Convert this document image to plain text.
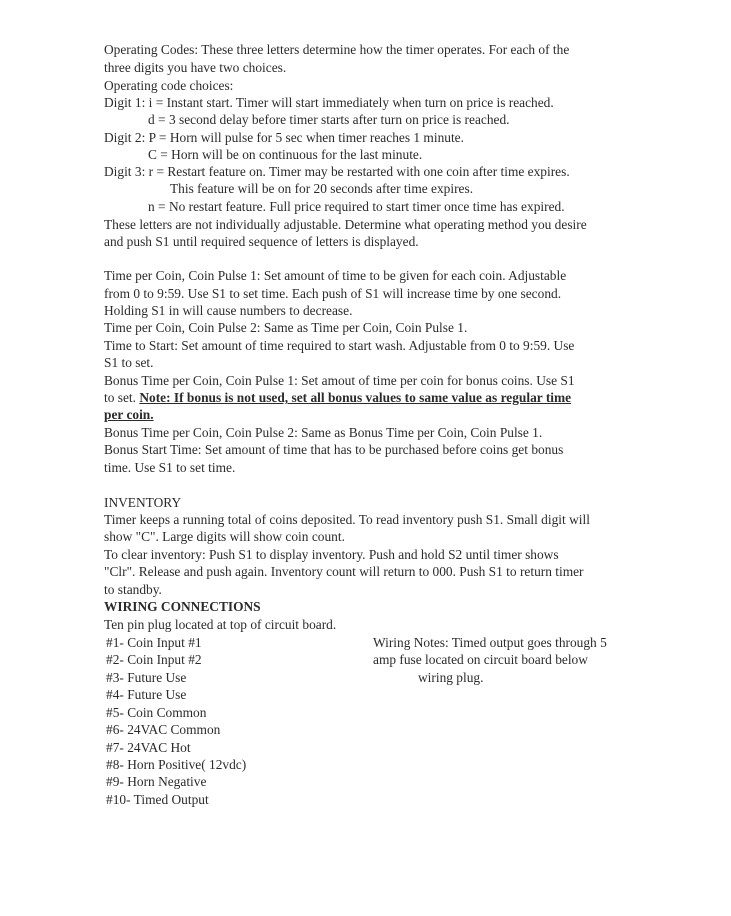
Operating Codes: These three letters determine how the timer operates. For each of the
three digits you have two choices.
Operating code choices:
Digit 1: i = Instant start. Timer will start immediately when turn on price is reached.
d = 3 second delay before timer starts after turn on price is reached.
Digit 2: P = Horn will pulse for 5 sec when timer reaches 1 minute.
C = Horn will be on continuous for the last minute.
Digit 3: r = Restart feature on. Timer may be restarted with one coin after time expires.
This feature will be on for 20 seconds after time expires.
n = No restart feature. Full price required to start timer once time has expired.
These letters are not individually adjustable. Determine what operating method you desire
and push S1 until required sequence of letters is displayed.
Time per Coin, Coin Pulse 1: Set amount of time to be given for each coin. Adjustable
from 0 to 9:59. Use S1 to set time. Each push of S1 will increase time by one second.
Holding S1 in will cause numbers to decrease.
Time per Coin, Coin Pulse 2: Same as Time per Coin, Coin Pulse 1.
Time to Start: Set amount of time required to start wash. Adjustable from 0 to 9:59. Use
S1 to set.
Bonus Time per Coin, Coin Pulse 1: Set amout of time per coin for bonus coins. Use S1
to set. Note: If bonus is not used, set all bonus values to same value as regular time
per coin.
Bonus Time per Coin, Coin Pulse 2: Same as Bonus Time per Coin, Coin Pulse 1.
Bonus Start Time: Set amount of time that has to be purchased before coins get bonus
time. Use S1 to set time.
INVENTORY
Timer keeps a running total of coins deposited. To read inventory push S1. Small digit will
show "C". Large digits will show coin count.
To clear inventory: Push S1 to display inventory. Push and hold S2 until timer shows
"Clr". Release and push again. Inventory count will return to 000. Push S1 to return timer
to standby.
WIRING CONNECTIONS
Ten pin plug located at top of circuit board.
#1- Coin Input #1
#2- Coin Input #2
#3- Future Use
#4- Future Use
#5- Coin Common
#6- 24VAC Common
#7- 24VAC Hot
#8- Horn Positive( 12vdc)
#9- Horn Negative
#10- Timed Output
Wiring Notes: Timed output goes through 5
amp fuse located on circuit board below
wiring plug.
